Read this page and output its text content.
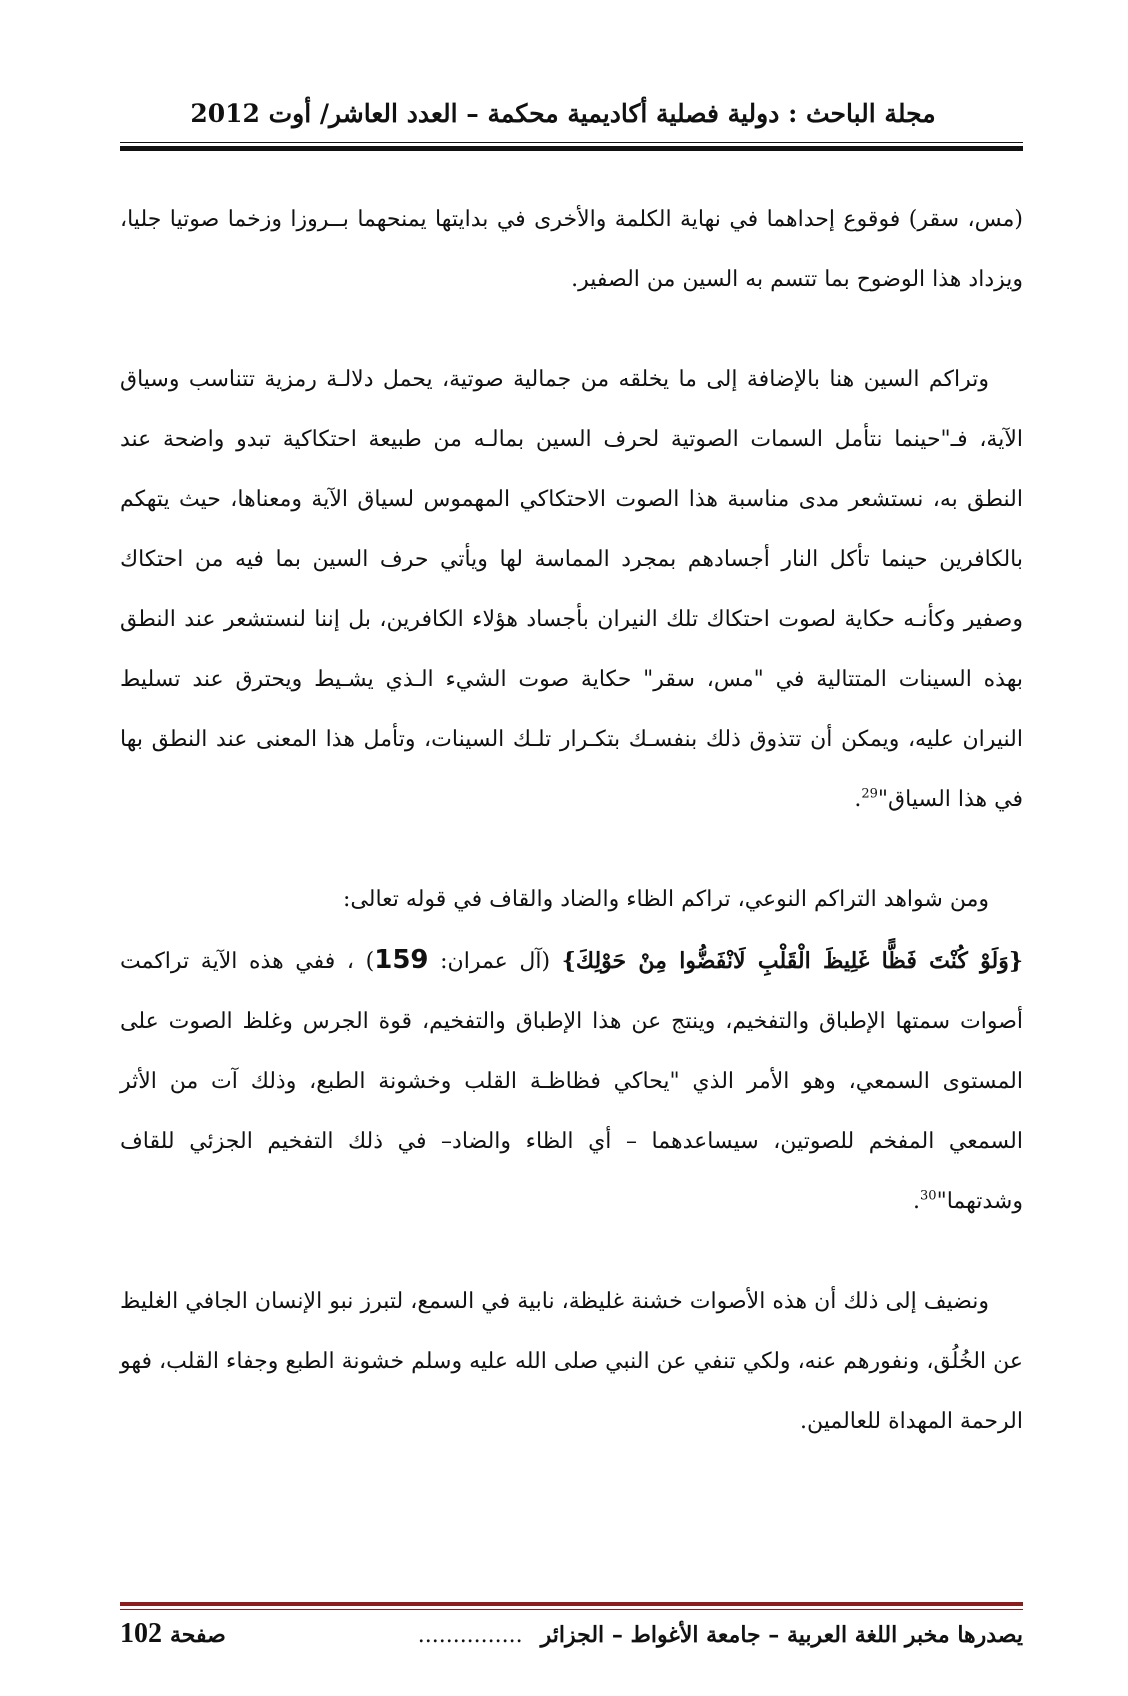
مجلة الباحث : دولية فصلية أكاديمية محكمة – العدد العاشر/ أوت 2012

(مس، سقر) فوقوع إحداهما في نهاية الكلمة والأخرى في بدايتها يمنحهما بــروزا وزخما صوتيا جليا، ويزداد هذا الوضوح بما تتسم به السين من الصفير.

وتراكم السين هنا بالإضافة إلى ما يخلقه من جمالية صوتية، يحمل دلالـة رمزية تتناسب وسياق الآية، فـ"حينما نتأمل السمات الصوتية لحرف السين بمالـه من طبيعة احتكاكية تبدو واضحة عند النطق به، نستشعر مدى مناسبة هذا الصوت الاحتكاكي المهموس لسياق الآية ومعناها، حيث يتهكم بالكافرين حينما تأكل النار أجسادهم بمجرد المماسة لها ويأتي حرف السين بما فيه من احتكاك وصفير وكأنـه حكاية لصوت احتكاك تلك النيران بأجساد هؤلاء الكافرين، بل إننا لنستشعر عند النطق بهذه السينات المتتالية في "مس، سقر" حكاية صوت الشيء الـذي يشـيط ويحترق عند تسليط النيران عليه، ويمكن أن تتذوق ذلك بنفسـك بتكـرار تلـك السينات، وتأمل هذا المعنى عند النطق بها في هذا السياق"$^{29}$.

ومن شواهد التراكم النوعي، تراكم الظاء والضاد والقاف في قوله تعالى:

{وَلَوْ كُنْتَ فَظًّا غَلِيظَ الْقَلْبِ لَانْفَضُّوا مِنْ حَوْلِكَ} (آل عمران: 159) ، ففي هذه الآية تراكمت أصوات سمتها الإطباق والتفخيم، وينتج عن هذا الإطباق والتفخيم، قوة الجرس وغلظ الصوت على المستوى السمعي، وهو الأمر الذي "يحاكي فظاظـة القلب وخشونة الطبع، وذلك آت من الأثر السمعي المفخم للصوتين، سيساعدهما – أي الظاء والضاد– في ذلك التفخيم الجزئي للقاف وشدتهما"$^{30}$.

ونضيف إلى ذلك أن هذه الأصوات خشنة غليظة، نابية في السمع، لتبرز نبو الإنسان الجافي الغليظ عن الخُلُق، ونفورهم عنه، ولكي تنفي عن النبي صلى الله عليه وسلم خشونة الطبع وجفاء القلب، فهو الرحمة المهداة للعالمين.

يصدرها مخبر اللغة العربية – جامعة الأغواط – الجزائر...............
صفحة102
